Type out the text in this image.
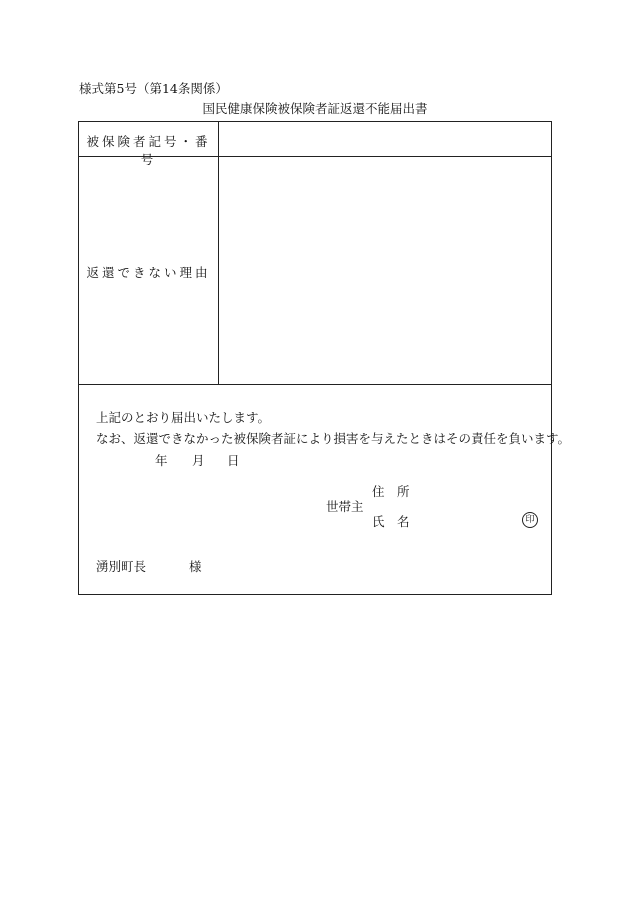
様式第5号（第14条関係）
国民健康保険被保険者証返還不能届出書
被保険者記号・番号
返還できない理由
上記のとおり届出いたします。
なお、返還できなかった被保険者証により損害を与えたときはその責任を負います。
年 月 日
住　所
世帯主
氏　名	印
湧別町長	様
